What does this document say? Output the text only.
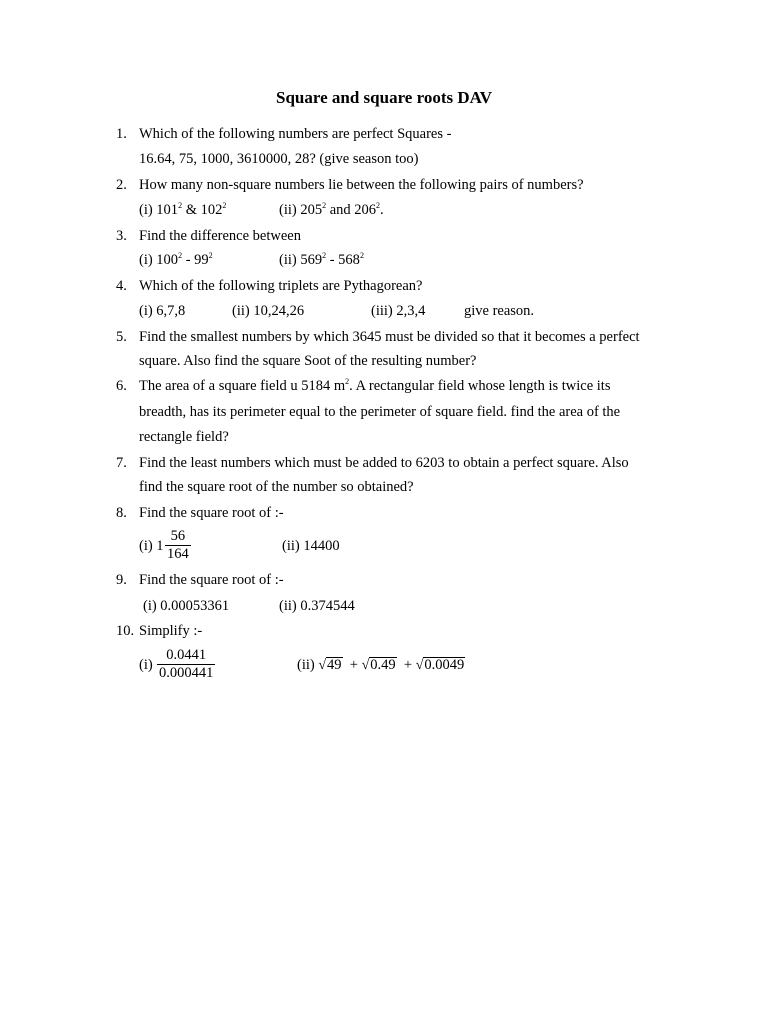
Square and square roots DAV
1. Which of the following numbers are perfect Squares -
16.64, 75, 1000, 3610000, 28? (give season too)
2. How many non-square numbers lie between the following pairs of numbers?
(i) $101^2$ & $102^2$	(ii) $205^2$ and $206^2$.
3. Find the difference between
(i) $100^2 - 99^2$	(ii) $569^2 - 568^2$
4. Which of the following triplets are Pythagorean?
(i) 6,7,8	(ii) 10,24,26	(iii) 2,3,4	give reason.
5. Find the smallest numbers by which 3645 must be divided so that it becomes a perfect
square. Also find the square Soot of the resulting number?
6. The area of a square field u 5184 $m^2$. A rectangular field whose length is twice its
breadth, has its perimeter equal to the perimeter of square field. find the area of the
rectangle field?
7. Find the least numbers which must be added to 6203 to obtain a perfect square. Also
find the square root of the number so obtained?
8. Find the square root of :-
(i) $1 \frac{56}{164}$	(ii) 14400
9. Find the square root of :-
(i) 0.00053361	(ii) 0.374544
10. Simplify :-
$(i) \frac{0.0441}{0.000441}$	(ii) √49 + √0.49 + √0.0049
